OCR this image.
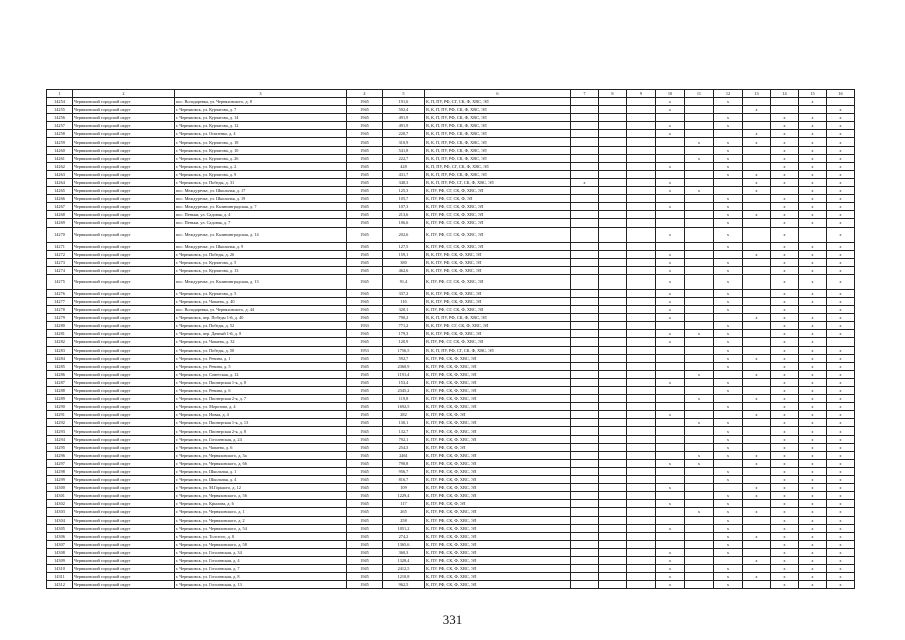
1	2	3	4	5	6	7	8	9	10	11	12	13	14	15	16
14254	Черняховский городской округ	пос. Володаревка, ул. Черняховского, д. 8	1945	191,6	К, П, ПУ, РФ, СГ, СК, Ф, ХВС, ЭЛ				x		x			x	
14255	Черняховский городской округ	г. Черняховск, ул. Курчатова, д. 7	1945	502,4	В, К, П, ПУ, РФ, СК, Ф, ХВС, ЭЛ				x			x			x
14256	Черняховский городской округ	г. Черняховск, ул. Курчатова, д. 14	1945	491,9	В, К, П, ПУ, РФ, СК, Ф, ХВС, ЭЛ						x		x	x	x
14257	Черняховский городской округ	г. Черняховск, ул. Курчатова, д. 12	1945	491,9	В, К, П, ПУ, РФ, СК, Ф, ХВС, ЭЛ				x		x		x	x	x
14258	Черняховский городской округ	г. Черняховск, ул. Осипенко, д. 4	1945	220,7	В, К, П, ПУ, РФ, СК, Ф, ХВС, ЭЛ				x			x	x	x	x
14259	Черняховский городской округ	г. Черняховск, ул. Курчатова, д. 18	1945	310,9	В, К, П, ПУ, РФ, СК, Ф, ХВС, ЭЛ					x	x	x	x	x	x
14260	Черняховский городской округ	г. Черняховск, ул. Курчатова, д. 10	1945	541,8	В, К, П, ПУ, РФ, СК, Ф, ХВС, ЭЛ						x		x	x	x
14261	Черняховский городской округ	г. Черняховск, ул. Курчатова, д. 26	1945	222,7	В, К, П, ПУ, РФ, СК, Ф, ХВС, ЭЛ					x	x		x	x	x
14262	Черняховский городской округ	г. Черняховск, ул. Курчатова, д. 2	1945	428	К, П, ПУ, РФ, СГ, СК, Ф, ХВС, ЭЛ				x		x		x	x	x
14263	Черняховский городской округ	г. Черняховск, ул. Курчатова, д. 9	1945	431,7	В, К, П, ПУ, РФ, СК, Ф, ХВС, ЭЛ						x	x	x	x	x
14264	Черняховский городской округ	г. Черняховск, ул. Победы, д. 31	1945	348,3	В, К, П, ПУ, РФ, СГ, СК, Ф, ХВС, ЭЛ	x			x			x	x	x	x
14265	Черняховский городской округ	пос. Междуречье, ул. Школьная, д. 17	1945	125,3	К, ПУ, РФ, СГ, СК, Ф, ХВС, ЭЛ				x	x		x		x	x
14266	Черняховский городской округ	пос. Междуречье, ул. Школьная, д. 19	1945	105,7	К, ПУ, РФ, СГ, СК, Ф, ЭЛ						x		x	x	x
14267	Черняховский городской округ	пос. Междуречье, ул. Калининградская, д. 7	1945	107,3	К, ПУ, РФ, СГ, СК, Ф, ХВС, ЭЛ				x		x		x	x	x
14268	Черняховский городской округ	пос. Пеньки, ул. Садовая, д. 4	1945	213,6	К, ПУ, РФ, СГ, СК, Ф, ХВС, ЭЛ						x	x	x	x	x
14269	Черняховский городской округ	пос. Пеньки, ул. Садовая, д. 7	1945	106,6	К, ПУ, РФ, СГ, СК, Ф, ХВС, ЭЛ						x		x	x	x
14270	Черняховский городской округ	пос. Междуречье, ул. Калининградская, д. 14	1945	202,6	К, ПУ, РФ, СГ, СК, Ф, ХВС, ЭЛ				x		x		x		x
14271	Черняховский городской округ	пос. Междуречье, ул. Школьная, д. 9	1945	127,5	К, ПУ, РФ, СГ, СК, Ф, ХВС, ЭЛ						x		x	x	x
14272	Черняховский городской округ	г. Черняховск, ул. Победы, д. 26	1945	159,1	В, К, ПУ, РФ, СК, Ф, ХВС, ЭЛ				x			x	x	x	x
14273	Черняховский городской округ	г. Черняховск, ул. Курчатова, д. 5	1945	380	В, К, ПУ, РФ, СК, Ф, ХВС, ЭЛ				x		x		x	x	x
14274	Черняховский городской округ	г. Черняховск, ул. Курчатова, д. 13	1945	462,6	В, К, ПУ, РФ, СК, Ф, ХВС, ЭЛ				x		x		x	x	x
14275	Черняховский городской округ	пос. Междуречье, ул. Калининградская, д. 13	1945	91,4	К, ПУ, РФ, СГ, СК, Ф, ХВС, ЭЛ				x		x		x	x	x
14276	Черняховский городской округ	г. Черняховск, ул. Курчатова, д. 5	1945	337,2	В, К, ПУ, РФ, СК, Ф, ХВС, ЭЛ				x		x		x	x	x
14277	Черняховский городской округ	г. Черняховск, ул. Чапаева, д. 40	1945	116	В, К, ПУ, РФ, СК, Ф, ХВС, ЭЛ				x		x		x	x	x
14278	Черняховский городской округ	пос. Володаревка, ул. Черняховского, д. 44	1945	320,1	К, ПУ, РФ, СГ, СК, Ф, ХВС, ЭЛ				x		x		x		x
14279	Черняховский городской округ	г. Черняховск, пер. Победы 1-й, д. 40	1945	790,2	В, К, П, ПУ, РФ, СК, Ф, ХВС, ЭЛ				x			x	x	x	x
14280	Черняховский городской округ	г. Черняховск, ул. Победы, д. 52	1933	771,2	В, К, ПУ, РФ, СГ, СК, Ф, ХВС, ЭЛ						x		x	x	x
14281	Черняховский городской округ	г. Черняховск, пер. Дачный 1-й, д. 8	1945	179,3	В, К, ПУ, РФ, СК, Ф, ХВС, ЭЛ				x	x	x		x	x	x
14282	Черняховский городской округ	г. Черняховск, ул. Чапаева, д. 32	1945	120,9	В, ПУ, РФ, СГ, СК, Ф, ХВС, ЭЛ				x		x		x	x	
14283	Черняховский городской округ	г. Черняховск, ул. Победы, д. 50	1953	1756,5	В, К, П, ПУ, РФ, СГ, СК, Ф, ХВС, ЭЛ						x		x	x	x
14284	Черняховский городской округ	г. Черняховск, ул. Ревина, д. 1	1945	592,7	К, ПУ, РФ, СК, Ф, ХВС, ЭЛ						x	x	x	x	x
14285	Черняховский городской округ	г. Черняховск, ул. Ревина, д. 5	1945	2360,9	К, ПУ, РФ, СК, Ф, ХВС, ЭЛ						x		x	x	x
14286	Черняховский городской округ	г. Черняховск, ул. Советская, д. 12	1945	1191,4	К, ПУ, РФ, СК, Ф, ХВС, ЭЛ					x		x	x	x	x
14287	Черняховский городской округ	г. Черняховск, ул. Пионерская 1-я, д. 8	1945	153,4	К, ПУ, РФ, СК, Ф, ХВС, ЭЛ				x		x		x	x	x
14288	Черняховский городской округ	г. Черняховск, ул. Ревина, д. 6	1945	2345,2	К, ПУ, РФ, СК, Ф, ХВС, ЭЛ						x		x	x	x
14289	Черняховский городской округ	г. Черняховск, ул. Пионерская 2-я, д. 7	1945	119,8	К, ПУ, РФ, СК, Ф, ХВС, ЭЛ					x		x	x	x	x
14290	Черняховский городской округ	г. Черняховск, ул. Морозова, д. 4	1945	1692,5	К, ПУ, РФ, СК, Ф, ХВС, ЭЛ						x		x	x	x
14291	Черняховский городской округ	г. Черняховск, ул. Новая, д. 4	1945	282	К, ПУ, РФ, СК, Ф, ЭЛ				x			x	x	x	x
14292	Черняховский городской округ	г. Черняховск, ул. Пионерская 1-я, д. 13	1945	130,1	К, ПУ, РФ, СК, Ф, ХВС, ЭЛ					x	x		x	x	x
14293	Черняховский городской округ	г. Черняховск, ул. Пионерская 2-я, д. 8	1945	132,7	К, ПУ, РФ, СК, Ф, ХВС, ЭЛ						x		x	x	x
14294	Черняховский городской округ	г. Черняховск, ул. Гоголевская, д. 24	1945	792,1	К, ПУ, РФ, СК, Ф, ХВС, ЭЛ						x		x	x	x
14295	Черняховский городской округ	г. Черняховск, ул. Чапаева, д. 6	1945	254,3	К, ПУ, РФ, СК, Ф, ЭЛ						x		x	x	x
14296	Черняховский городской округ	г. Черняховск, ул. Черняховского, д. 3а	1945	2461	К, ПУ, РФ, СК, Ф, ХВС, ЭЛ					x	x	x	x	x	x
14297	Черняховский городской округ	г. Черняховск, ул. Черняховского, д. 66	1945	790,8	К, ПУ, РФ, СК, Ф, ХВС, ЭЛ				x	x		x	x	x	x
14298	Черняховский городской округ	г. Черняховск, ул. Школьная, д. 1	1945	956,7	К, ПУ, РФ, СК, Ф, ХВС, ЭЛ						x		x	x	x
14299	Черняховский городской округ	г. Черняховск, ул. Школьная, д. 4	1945	816,7	К, ПУ, РФ, СК, Ф, ХВС, ЭЛ						x		x	x	x
14300	Черняховский городской округ	г. Черняховск, ул. М.Горького, д. 12	1945	109	К, ПУ, РФ, СК, Ф, ХВС, ЭЛ				x			x	x	x	x
14301	Черняховский городской округ	г. Черняховск, ул. Черняховского, д. 56	1945	1229,4	К, ПУ, РФ, СК, Ф, ХВС, ЭЛ						x	x	x	x	x
14302	Черняховский городской округ	г. Черняховск, ул. Крылова, д. 6	1945	117	К, ПУ, РФ, СК, Ф, ЭЛ				x		x		x	x	x
14303	Черняховский городской округ	г. Черняховск, ул. Черняховского, д. 1	1945	265	К, ПУ, РФ, СК, Ф, ХВС, ЭЛ					x	x	x	x	x	x
14304	Черняховский городской округ	г. Черняховск, ул. Черняховского, д. 2	1945	258	К, ПУ, РФ, СК, Ф, ХВС, ЭЛ						x		x	x	x
14305	Черняховский городской округ	г. Черняховск, ул. Черняховского, д. 54	1945	1051,2	К, ПУ, РФ, СК, Ф, ХВС, ЭЛ				x		x		x	x	x
14306	Черняховский городской округ	г. Черняховск, ул. Толстого, д. 8	1945	274,2	К, ПУ, РФ, СК, Ф, ХВС, ЭЛ						x	x	x	x	x
14307	Черняховский городской округ	г. Черняховск, ул. Черняховского, д. 58	1945	1365,6	К, ПУ, РФ, СК, Ф, ХВС, ЭЛ						x		x	x	x
14308	Черняховский городской округ	г. Черняховск, ул. Гоголевская, д. 34	1945	360,3	К, ПУ, РФ, СК, Ф, ХВС, ЭЛ				x		x		x	x	x
14309	Черняховский городской округ	г. Черняховск, ул. Гоголевская, д. 4	1945	1328,4	К, ПУ, РФ, СК, Ф, ХВС, ЭЛ				x			x	x	x	x
14310	Черняховский городской округ	г. Черняховск, ул. Гоголевская, д. 7	1945	2412,5	К, ПУ, РФ, СК, Ф, ХВС, ЭЛ				x		x		x	x	x
14311	Черняховский городской округ	г. Черняховск, ул. Гоголевская, д. 8	1945	1210,8	К, ПУ, РФ, СК, Ф, ХВС, ЭЛ				x		x	x	x	x	x
14312	Черняховский городской округ	г. Черняховск, ул. Гоголевская, д. 13	1945	962,5	К, ПУ, РФ, СК, Ф, ХВС, ЭЛ				x		x		x	x	x
331
